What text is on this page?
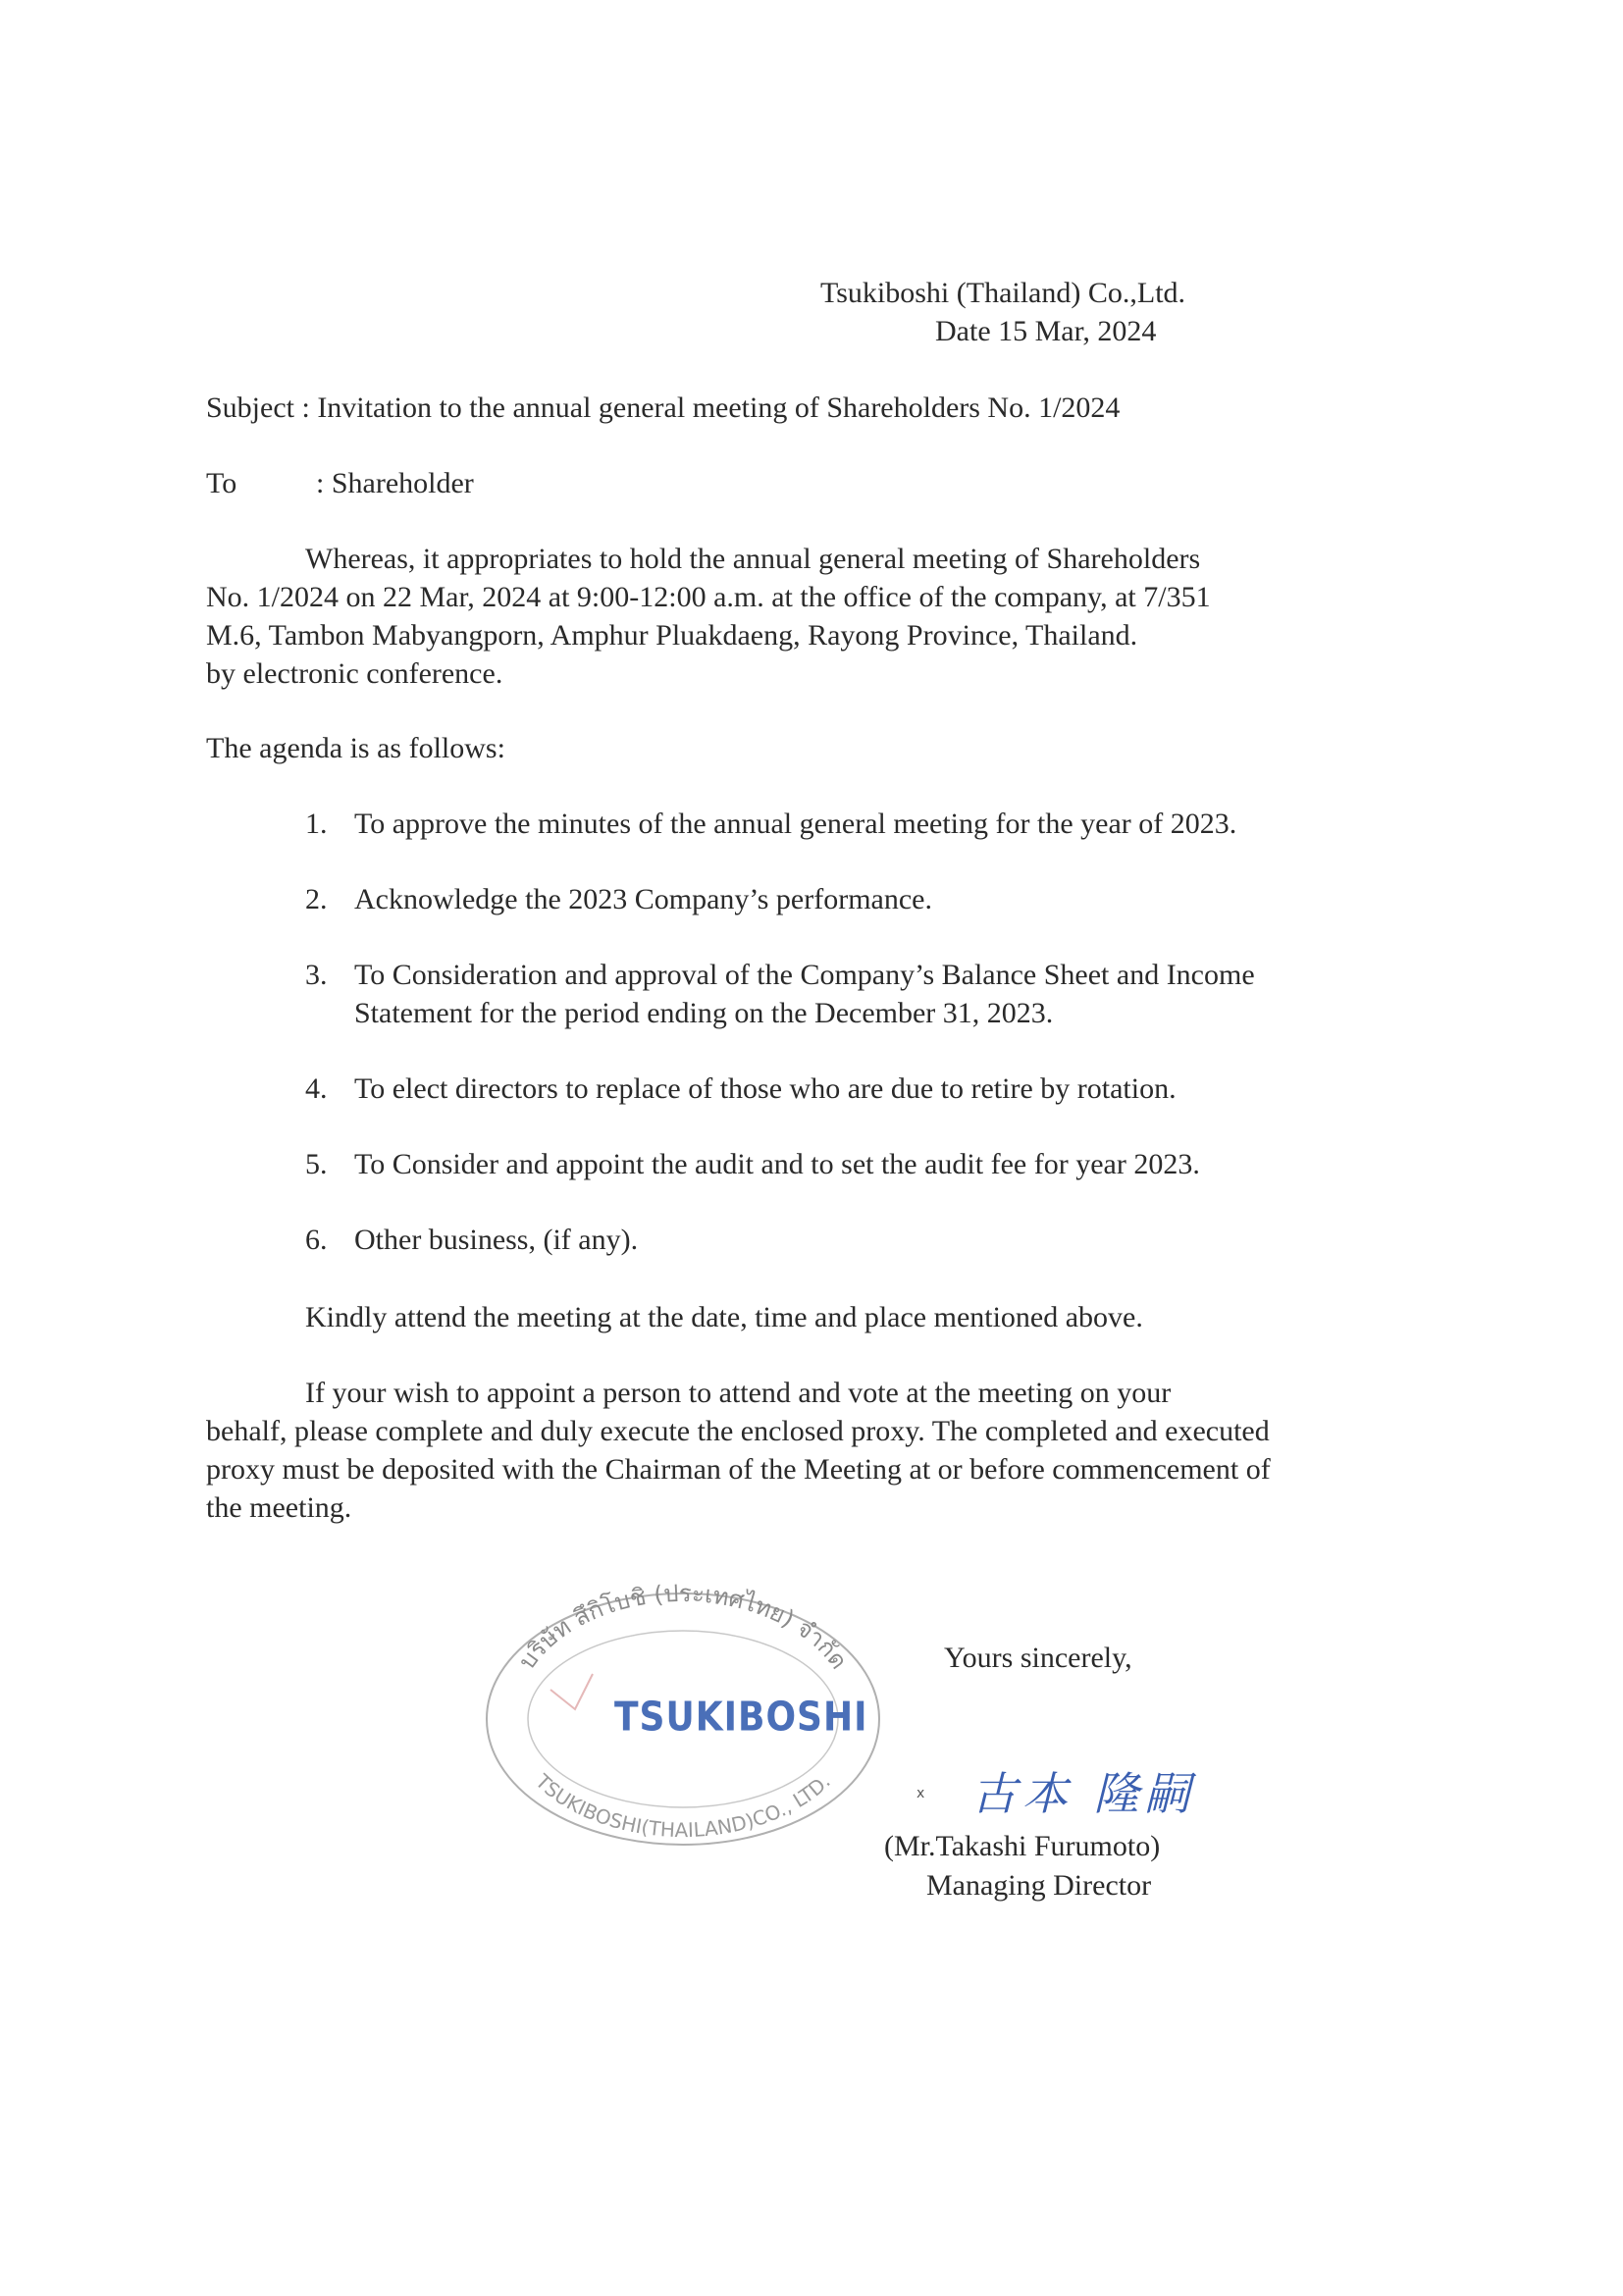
Tsukiboshi (Thailand) Co.,Ltd.
Date 15 Mar, 2024
Subject : Invitation to the annual general meeting of Shareholders No. 1/2024
To	: Shareholder
Whereas, it appropriates to hold the annual general meeting of Shareholders
No. 1/2024 on 22 Mar, 2024 at 9:00-12:00 a.m. at the office of the company, at 7/351
M.6, Tambon Mabyangporn, Amphur Pluakdaeng, Rayong Province, Thailand.
by electronic conference.
The agenda is as follows:
1. To approve the minutes of the annual general meeting for the year of 2023.
2. Acknowledge the 2023 Company’s performance.
3. To Consideration and approval of the Company’s Balance Sheet and Income
Statement for the period ending on the December 31, 2023.
4. To elect directors to replace of those who are due to retire by rotation.
5. To Consider and appoint the audit and to set the audit fee for year 2023.
6. Other business, (if any).
Kindly attend the meeting at the date, time and place mentioned above.
If your wish to appoint a person to attend and vote at the meeting on your
behalf, please complete and duly execute the enclosed proxy. The completed and executed
proxy must be deposited with the Chairman of the Meeting at or before commencement of
the meeting.
บริษัท สึกิโบชิ (ประเทศไทย) จำกัด
TSUKIBOSHI(THAILAND)CO., LTD.
TSUKIBOSHI
Yours sincerely,
x 古本 隆嗣
(Mr.Takashi Furumoto)
Managing Director
